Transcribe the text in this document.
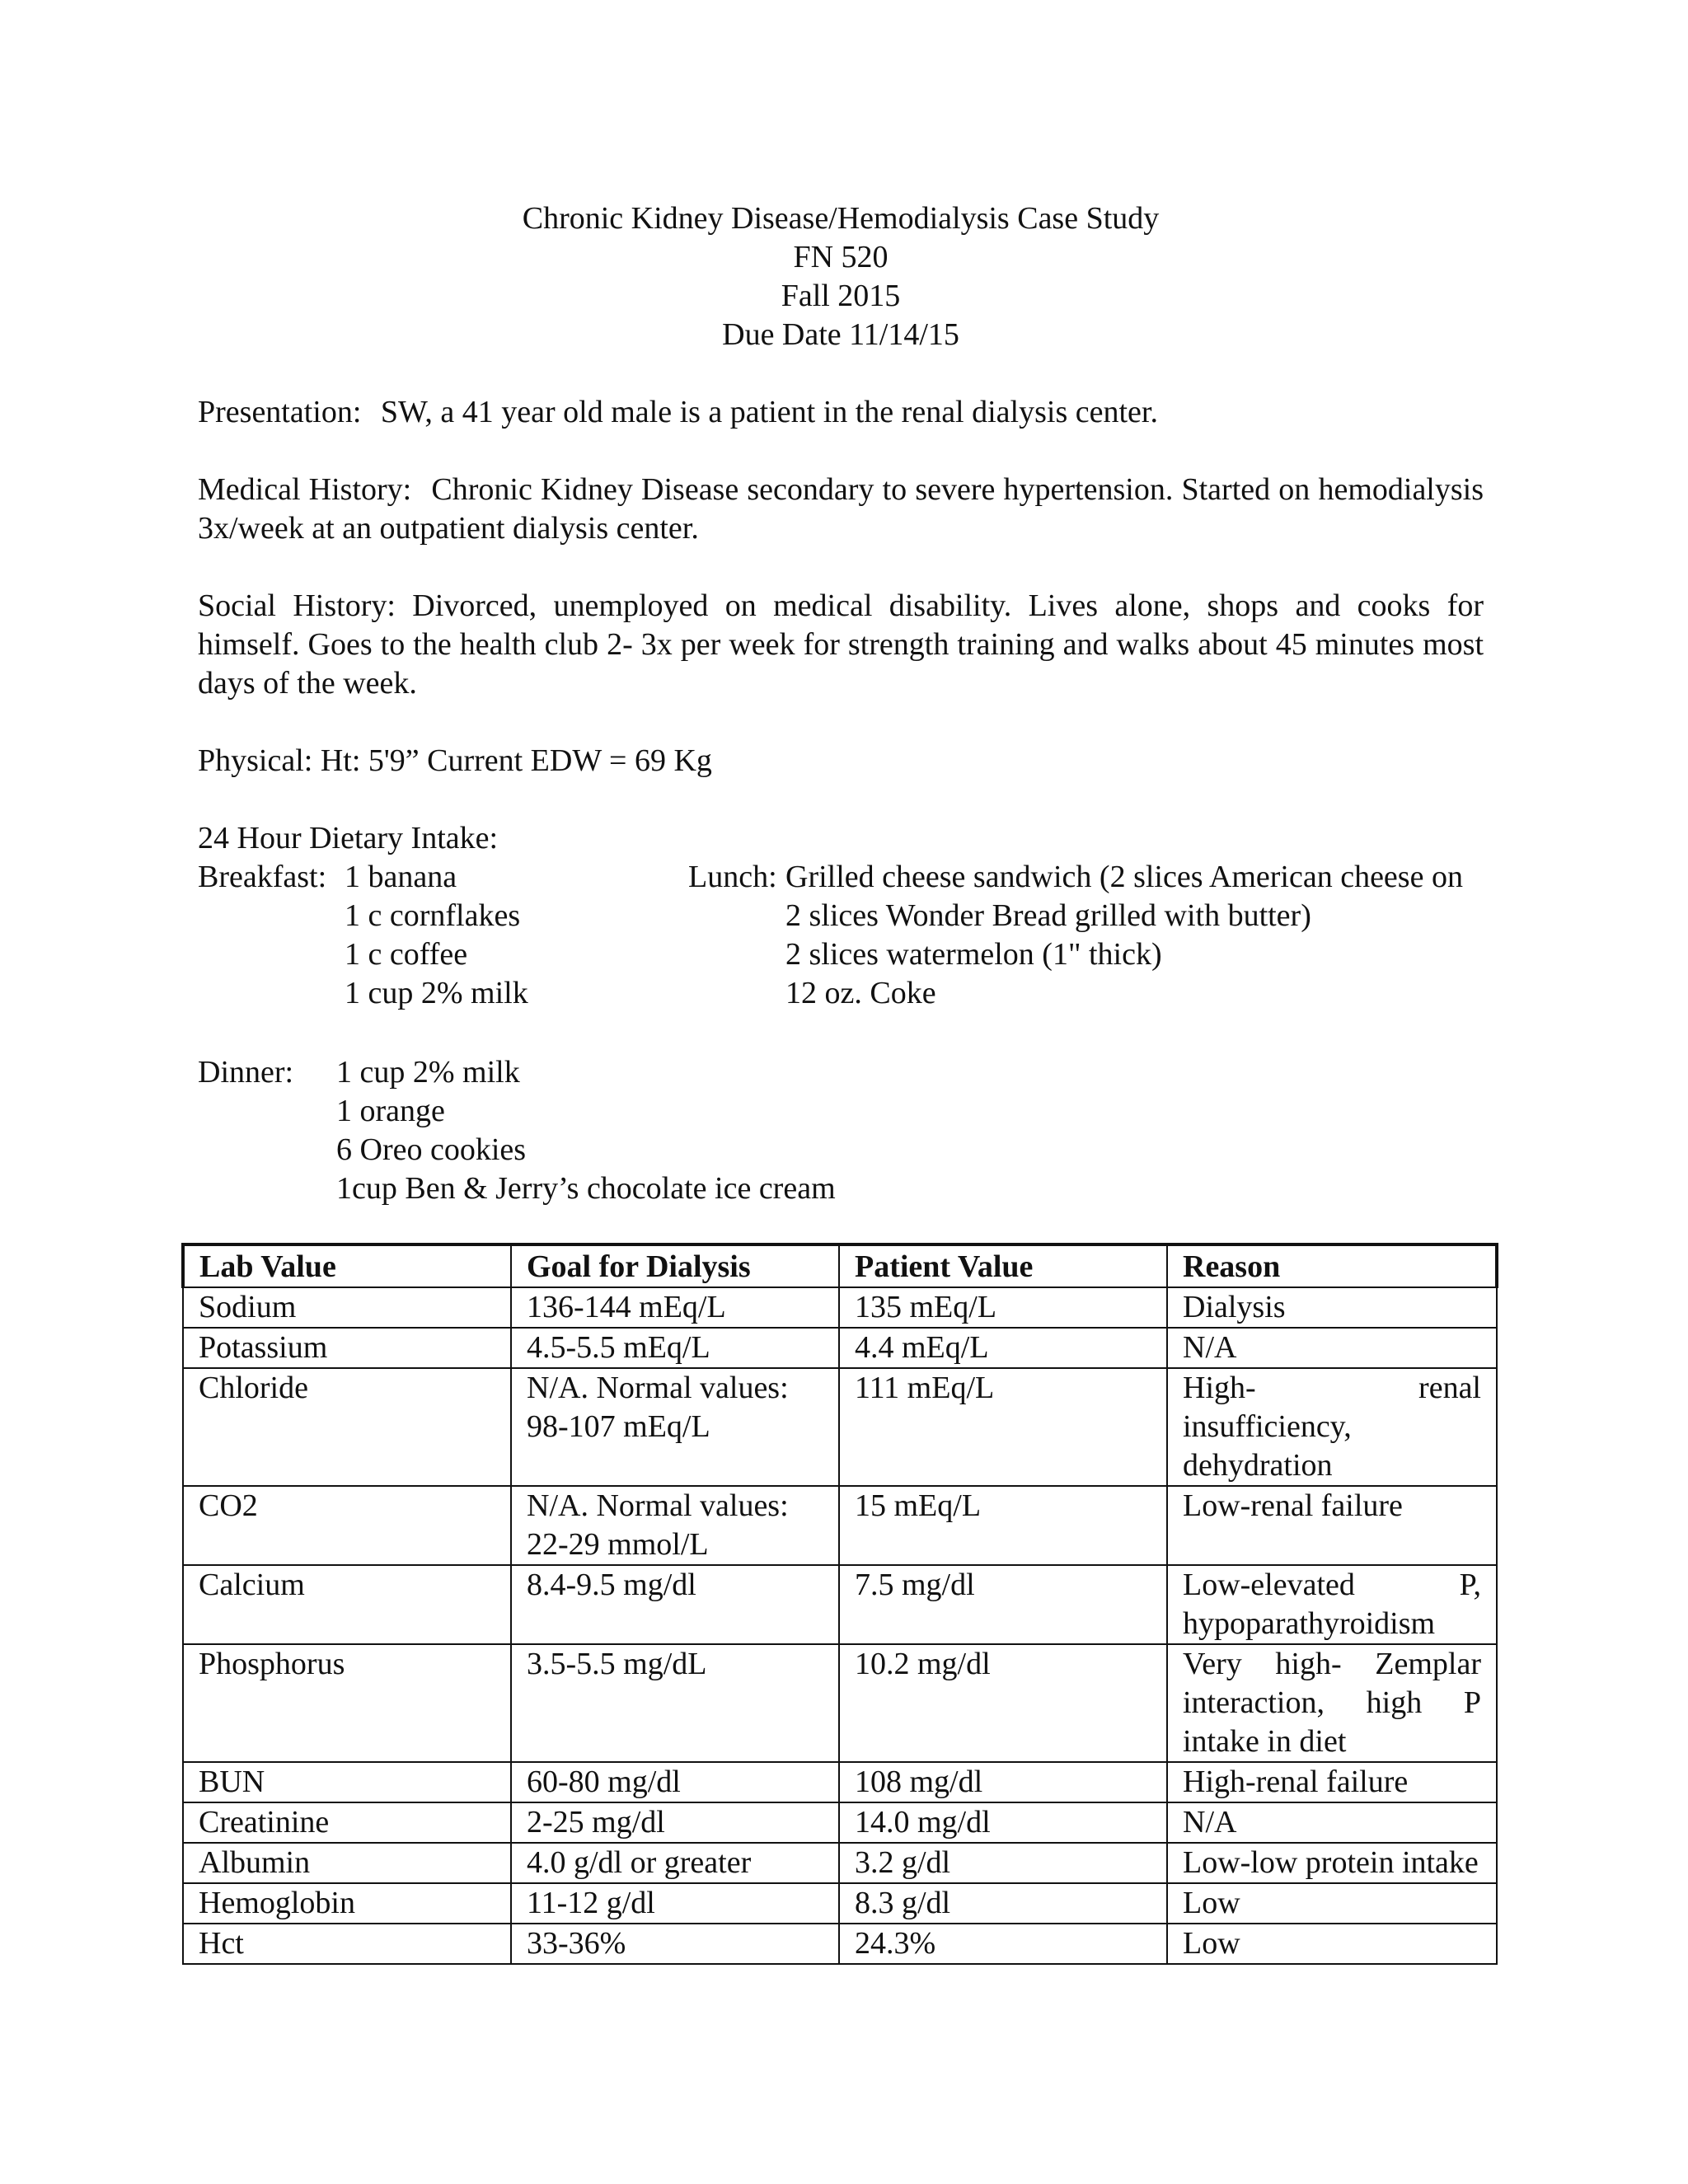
Chronic Kidney Disease/Hemodialysis Case Study
FN 520
Fall 2015
Due Date 11/14/15
Presentation: SW, a 41 year old male is a patient in the renal dialysis center.
Medical History: Chronic Kidney Disease secondary to severe hypertension. Started on hemodialysis 3x/week at an outpatient dialysis center.
Social History: Divorced, unemployed on medical disability. Lives alone, shops and cooks for himself. Goes to the health club 2- 3x per week for strength training and walks about 45 minutes most days of the week.
Physical: Ht: 5'9” Current EDW = 69 Kg
24 Hour Dietary Intake:
Breakfast: 1 banana
1 c cornflakes
1 c coffee
1 cup 2% milk
Lunch: Grilled cheese sandwich (2 slices American cheese on
2 slices Wonder Bread grilled with butter)
2 slices watermelon (1" thick)
12 oz. Coke
Dinner:	1 cup 2% milk
1 orange
6 Oreo cookies
1cup Ben & Jerry’s chocolate ice cream
Lab Value	Goal for Dialysis	Patient Value	Reason
Sodium	136-144 mEq/L	135 mEq/L	Dialysis
Potassium	4.5-5.5 mEq/L	4.4 mEq/L	N/A
Chloride	N/A. Normal values: 98-107 mEq/L	111 mEq/L	High- renal insufficiency, dehydration
CO2	N/A. Normal values: 22-29 mmol/L	15 mEq/L	Low-renal failure
Calcium	8.4-9.5 mg/dl	7.5 mg/dl	Low-elevated P, hypoparathyroidism
Phosphorus	3.5-5.5 mg/dL	10.2 mg/dl	Very high- Zemplar interaction, high P intake in diet
BUN	60-80 mg/dl	108 mg/dl	High-renal failure
Creatinine	2-25 mg/dl	14.0 mg/dl	N/A
Albumin	4.0 g/dl or greater	3.2 g/dl	Low-low protein intake
Hemoglobin	11-12 g/dl	8.3 g/dl	Low
Hct	33-36%	24.3%	Low
